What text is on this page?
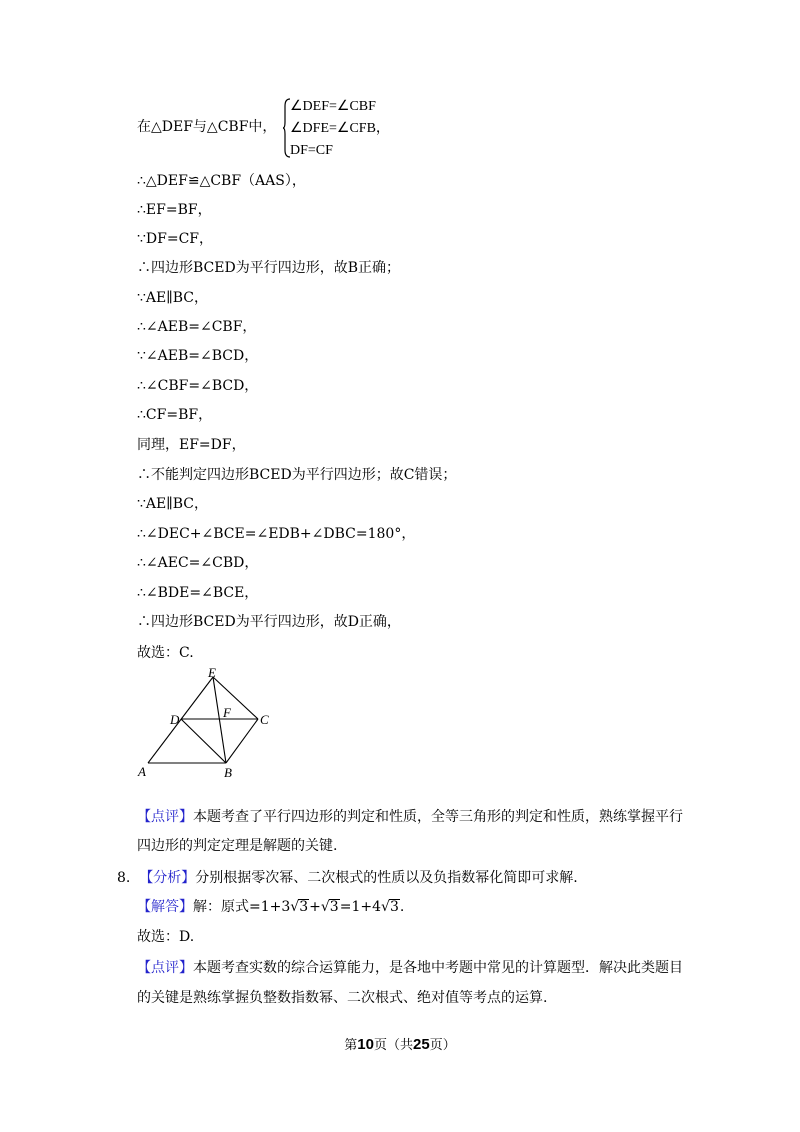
在△DEF与△CBF中，
∠DEF=∠CBF
∠DFE=∠CFB，
DF=CF
∴△DEF≌△CBF（AAS），
∴EF=BF，
∵DF=CF，
∴四边形BCED为平行四边形，故B正确；
∵AE∥BC，
∴∠AEB=∠CBF，
∵∠AEB=∠BCD，
∴∠CBF=∠BCD，
∴CF=BF，
同理，EF=DF，
∴不能判定四边形BCED为平行四边形；故C错误；
∵AE∥BC，
∴∠DEC+∠BCE=∠EDB+∠DBC=180°，
∴∠AEC=∠CBD，
∴∠BDE=∠BCE，
∴四边形BCED为平行四边形，故D正确，
故选：C.
E
D	F C
A	B
【点评】本题考查了平行四边形的判定和性质，全等三角形的判定和性质，熟练掌握平行
四边形的判定定理是解题的关键.
8. 【分析】分别根据零次幂、二次根式的性质以及负指数幂化简即可求解.
【解答】解：原式=1+3√3+√3=1+4√3.
故选：D.
【点评】本题考查实数的综合运算能力，是各地中考题中常见的计算题型．解决此类题目
的关键是熟练掌握负整数指数幂、二次根式、绝对值等考点的运算.
第10页（共25页）
